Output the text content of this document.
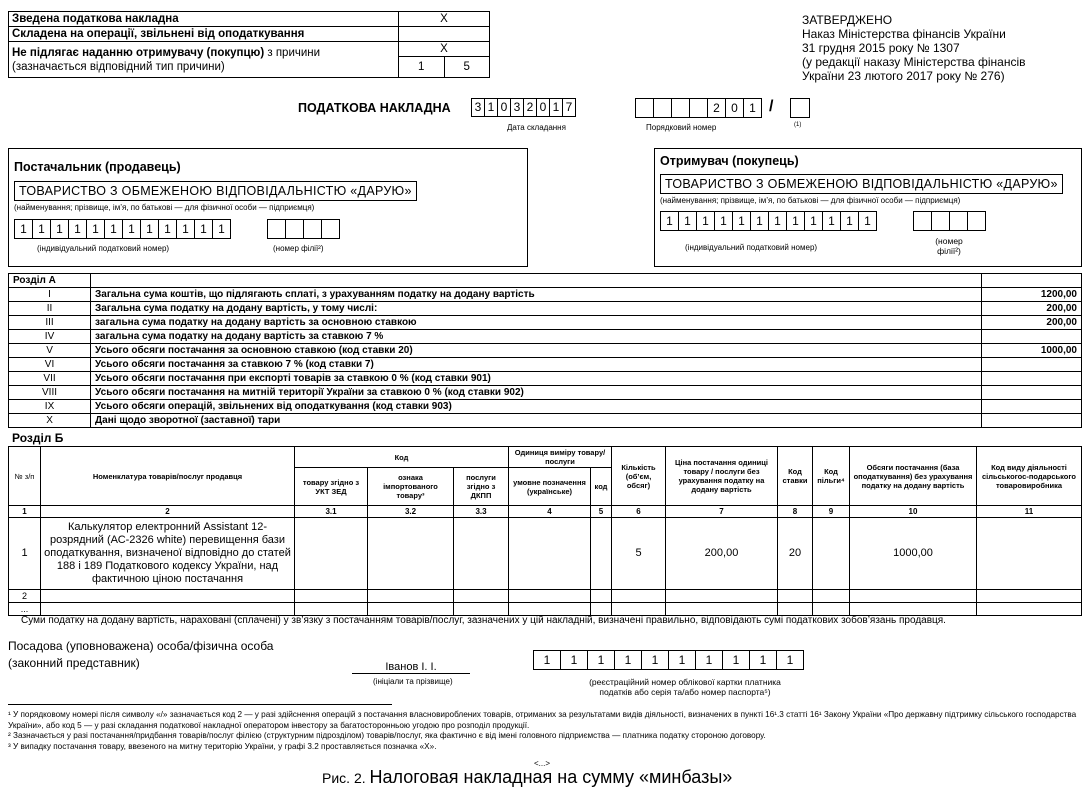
Зведена податкова накладна	Х	
Складена на операції, звільнені від оподаткування		
Не підлягає наданню отримувачу (покупцю) з причини
(зазначається відповідний тип причини)	Х	
	1	5
ЗАТВЕРДЖЕНО
Наказ Міністерства фінансів України
31 грудня 2015 року № 1307
(у редакції наказу Міністерства фінансів
України 23 лютого 2017 року № 276)
ПОДАТКОВА НАКЛАДНА	3 1 0 3 2 0 1 7
Дата складання
2 0 1 /
Порядковий номер	(1)
Постачальник (продавець)
ТОВАРИСТВО З ОБМЕЖЕНОЮ ВІДПОВІДАЛЬНІСТЮ «ДАРУЮ»
(найменування; прізвище, ім’я, по батькові — для фізичної особи — підприємця)
1 1 1 1 1 1 1 1 1 1 1 1
(індивідуальний податковий номер)	(номер філії²)
Отримувач (покупець)
ТОВАРИСТВО З ОБМЕЖЕНОЮ ВІДПОВІДАЛЬНІСТЮ «ДАРУЮ»
(найменування; прізвище, ім’я, по батькові — для фізичної особи — підприємця)
1 1 1 1 1 1 1 1 1 1 1 1
(індивідуальний податковий номер)
(номер
філії²)
Розділ А		
I	Загальна сума коштів, що підлягають сплаті, з урахуванням податку на додану вартість	1200,00
II	Загальна сума податку на додану вартість, у тому числі:	200,00
III	загальна сума податку на додану вартість за основною ставкою	200,00
IV	загальна сума податку на додану вартість за ставкою 7 %	
V	Усього обсяги постачання за основною ставкою (код ставки 20)	1000,00
VI	Усього обсяги постачання за ставкою 7 % (код ставки 7)	
VII	Усього обсяги постачання при експорті товарів за ставкою 0 % (код ставки 901)	
VIII	Усього обсяги постачання на митній території України за ставкою 0 % (код ставки 902)	
IX	Усього обсяги операцій, звільнених від оподаткування (код ставки 903)	
X	Дані щодо зворотної (заставної) тари	
Розділ Б
№ з/п	Номенклатура товарів/послуг продавця	Код			Одиниця виміру товару/послуги		Кількість (об’єм, обсяг)	Ціна постачання одиниці товару / послуги без урахування податку на додану вартість	Код ставки	Код пільги⁴	Обсяги постачання (база оподаткування) без урахування податку на додану вартість	Код виду діяльності сільськогос-подарського товаровиробника
		товару згідно з УКТ ЗЕД	ознака імпортованого товару³	послуги згідно з ДКПП	умовне позначення (українське)	код						
1	2	3.1	3.2	3.3	4	5	6	7	8	9	10	11
1	Калькулятор електронний Assistant 12-розрядний (АС-2326 white) перевищення бази оподаткування, визначеної відповідно до статей 188 і 189 Податкового кодексу України, над фактичною ціною постачання						5	200,00	20		1000,00	
2												
...												
Суми податку на додану вартість, нараховані (сплачені) у зв’язку з постачанням товарів/послуг, зазначених у цій накладній, визначені правильно, відповідають сумі податкових зобов’язань продавця.
Посадова (уповноважена) особа/фізична особа
(законний представник)	Іванов І. І.
(ініціали та прізвище)
1	1	1	1	1	1	1	1	1	1
(реєстраційний номер облікової картки платника
податків або серія та/або номер паспорта⁵)
¹ У порядковому номері після символу «/» зазначається код 2 — у разі здійснення операцій з постачання власновироблених товарів, отриманих за результатами видів діяльності, визначених в пункті 16¹.3 статті 16¹ Закону України «Про державну підтримку сільського господарства України», або код 5 — у разі складання податкової накладної оператором інвестору за багатосторонньою угодою про розподіл продукції.
² Зазначається у разі постачання/придбання товарів/послуг філією (структурним підрозділом) товарів/послуг, яка фактично є від імені головного підприємства — платника податку стороною договору.
³ У випадку постачання товару, ввезеного на митну територію України, у графі 3.2 проставляється позначка «Х».
<...>
Рис. 2. Налоговая накладная на сумму «минбазы»
